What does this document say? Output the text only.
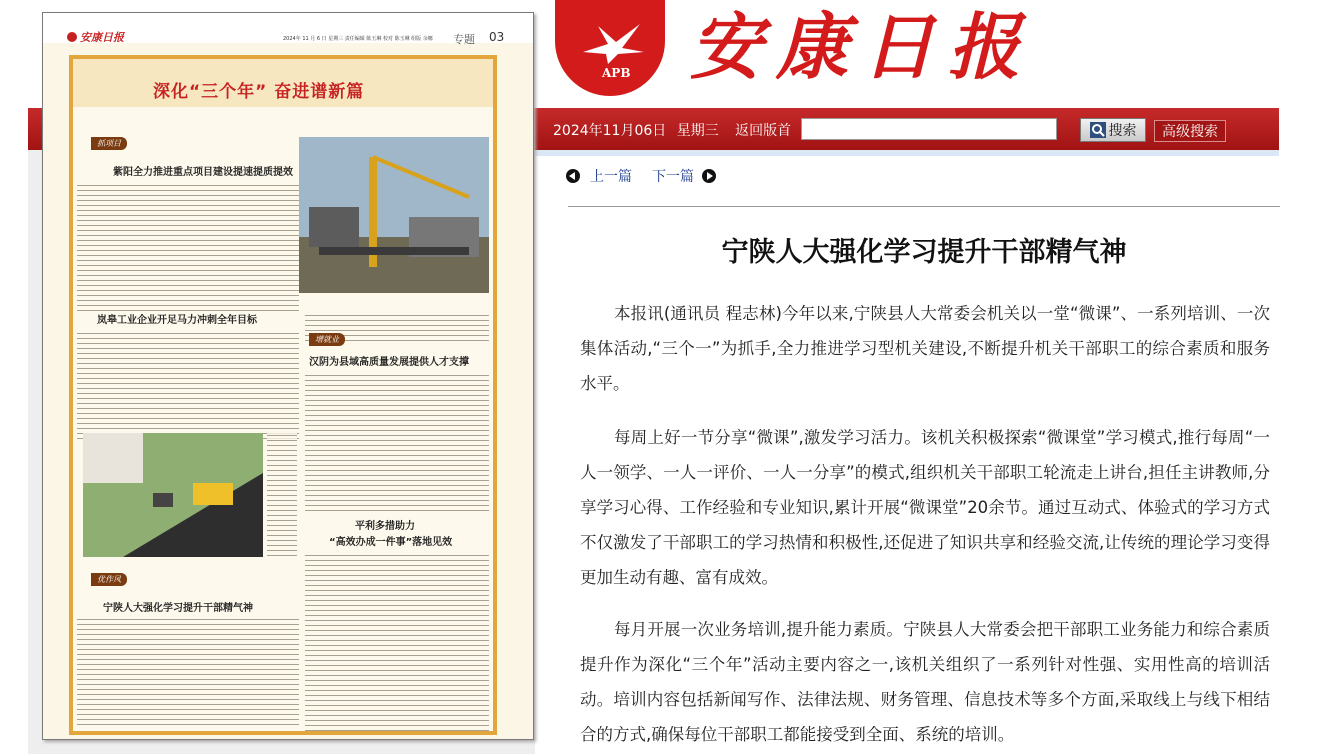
APB 安康日报
2024年11月06日 星期三 返回版首	搜索	高级搜索
安康日报	2024年 11 月 6 日 星期三 责任编辑 陈玉琳 校对 陈玉琳 组版 余娜 专题 03
深化“三个年” 奋进谱新篇
抓项目
紫阳全力推进重点项目建设提速提质提效

岚皋工业企业开足马力冲刺全年目标
增就业
汉阴为县域高质量发展提供人才支撑
平利多措助力
“高效办成一件事”落地见效
优作风
宁陕人大强化学习提升干部精气神
上一篇 下一篇
宁陕人大强化学习提升干部精气神

本报讯(通讯员 程志林)今年以来,宁陕县人大常委会机关以一堂“微课”、一系列培训、一次集体活动,“三个一”为抓手,全力推进学习型机关建设,不断提升机关干部职工的综合素质和服务水平。

每周上好一节分享“微课”,激发学习活力。该机关积极探索“微课堂”学习模式,推行每周“一人一领学、一人一评价、一人一分享”的模式,组织机关干部职工轮流走上讲台,担任主讲教师,分享学习心得、工作经验和专业知识,累计开展“微课堂”20余节。通过互动式、体验式的学习方式不仅激发了干部职工的学习热情和积极性,还促进了知识共享和经验交流,让传统的理论学习变得更加生动有趣、富有成效。

每月开展一次业务培训,提升能力素质。宁陕县人大常委会把干部职工业务能力和综合素质提升作为深化“三个年”活动主要内容之一,该机关组织了一系列针对性强、实用性高的培训活动。培训内容包括新闻写作、法律法规、财务管理、信息技术等多个方面,采取线上与线下相结合的方式,确保每位干部职工都能接受到全面、系统的培训。
